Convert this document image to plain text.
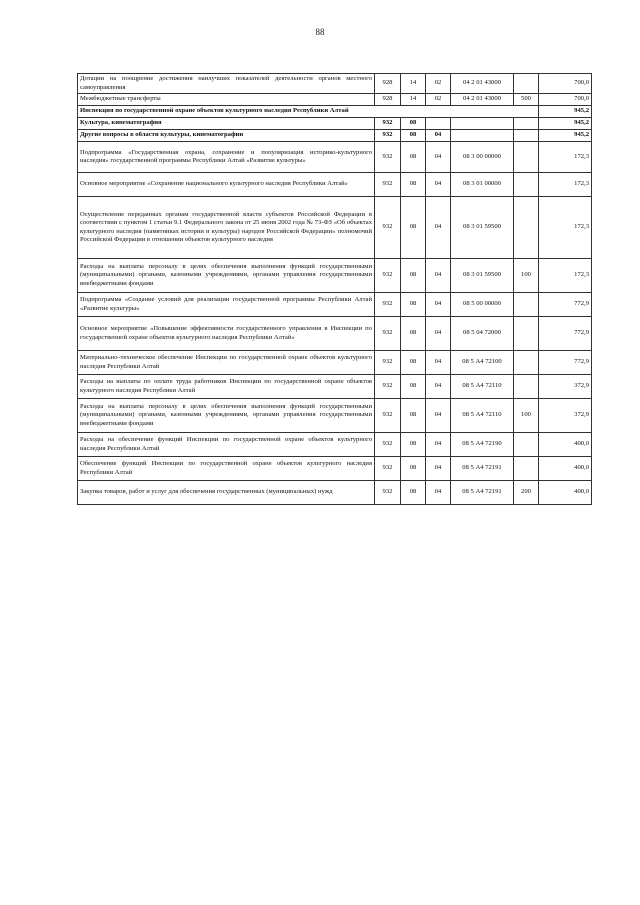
88
Дотации на поощрение достижения наилучших показателей деятельности органов местного самоуправления	928	14	02	04 2 01 43000		700,0
Межбюджетные трансферты	928	14	02	04 2 01 43000	500	700,0
Инспекция по государственной охране объектов культурного наследия Республики Алтай						945,2
Культура, кинематография	932	08				945,2
Другие вопросы в области культуры, кинематографии	932	08	04			945,2
Подпрограмма «Государственная охрана, сохранение и популяризация историко-культурного наследия» государственной программы Республики Алтай «Развитие культуры»	932	08	04	08 3 00 00000		172,3
Основное мероприятие «Сохранение национального культурного наследия Республики Алтай»	932	08	04	08 3 01 00000		172,3
Осуществление переданных органам государственной власти субъектов Российской Федерации в соответствии с пунктом 1 статьи 9.1 Федерального закона от 25 июня 2002 года № 73-ФЗ «Об объектах культурного наследия (памятниках истории и культуры) народов Российской Федерации» полномочий Российской Федерации в отношении объектов культурного наследия	932	08	04	08 3 01 59500		172,3
Расходы на выплаты персоналу в целях обеспечения выполнения функций государственными (муниципальными) органами, казенными учреждениями, органами управления государственными внебюджетными фондами	932	08	04	08 3 01 59500	100	172,3
Подпрограмма «Создание условий для реализации государственной программы Республики Алтай «Развитие культуры»	932	08	04	08 5 00 00000		772,9
Основное мероприятие «Повышение эффективности государственного управления в Инспекции по государственной охране объектов культурного наследия Республики Алтай»	932	08	04	08 5 04 72000		772,9
Материально–техническое обеспечение Инспекции по государственной охране объектов культурного наследия Республики Алтай	932	08	04	08 5 А4 72100		772,9
Расходы на выплаты по оплате труда работников Инспекции по государственной охране объектов культурного наследия Республики Алтай	932	08	04	08 5 А4 72110		372,9
Расходы на выплаты персоналу в целях обеспечения выполнения функций государственными (муниципальными) органами, казенными учреждениями, органами управления государственными внебюджетными фондами	932	08	04	08 5 А4 72110	100	372,9
Расходы на обеспечение функций Инспекции по государственной охране объектов культурного наследия Республики Алтай	932	08	04	08 5 А4 72190		400,0
Обеспечение функций Инспекции по государственной охране объектов культурного наследия Республики Алтай	932	08	04	08 5 А4 72191		400,0
Закупка товаров, работ и услуг для обеспечения государственных (муниципальных) нужд	932	08	04	08 5 А4 72191	200	400,0
